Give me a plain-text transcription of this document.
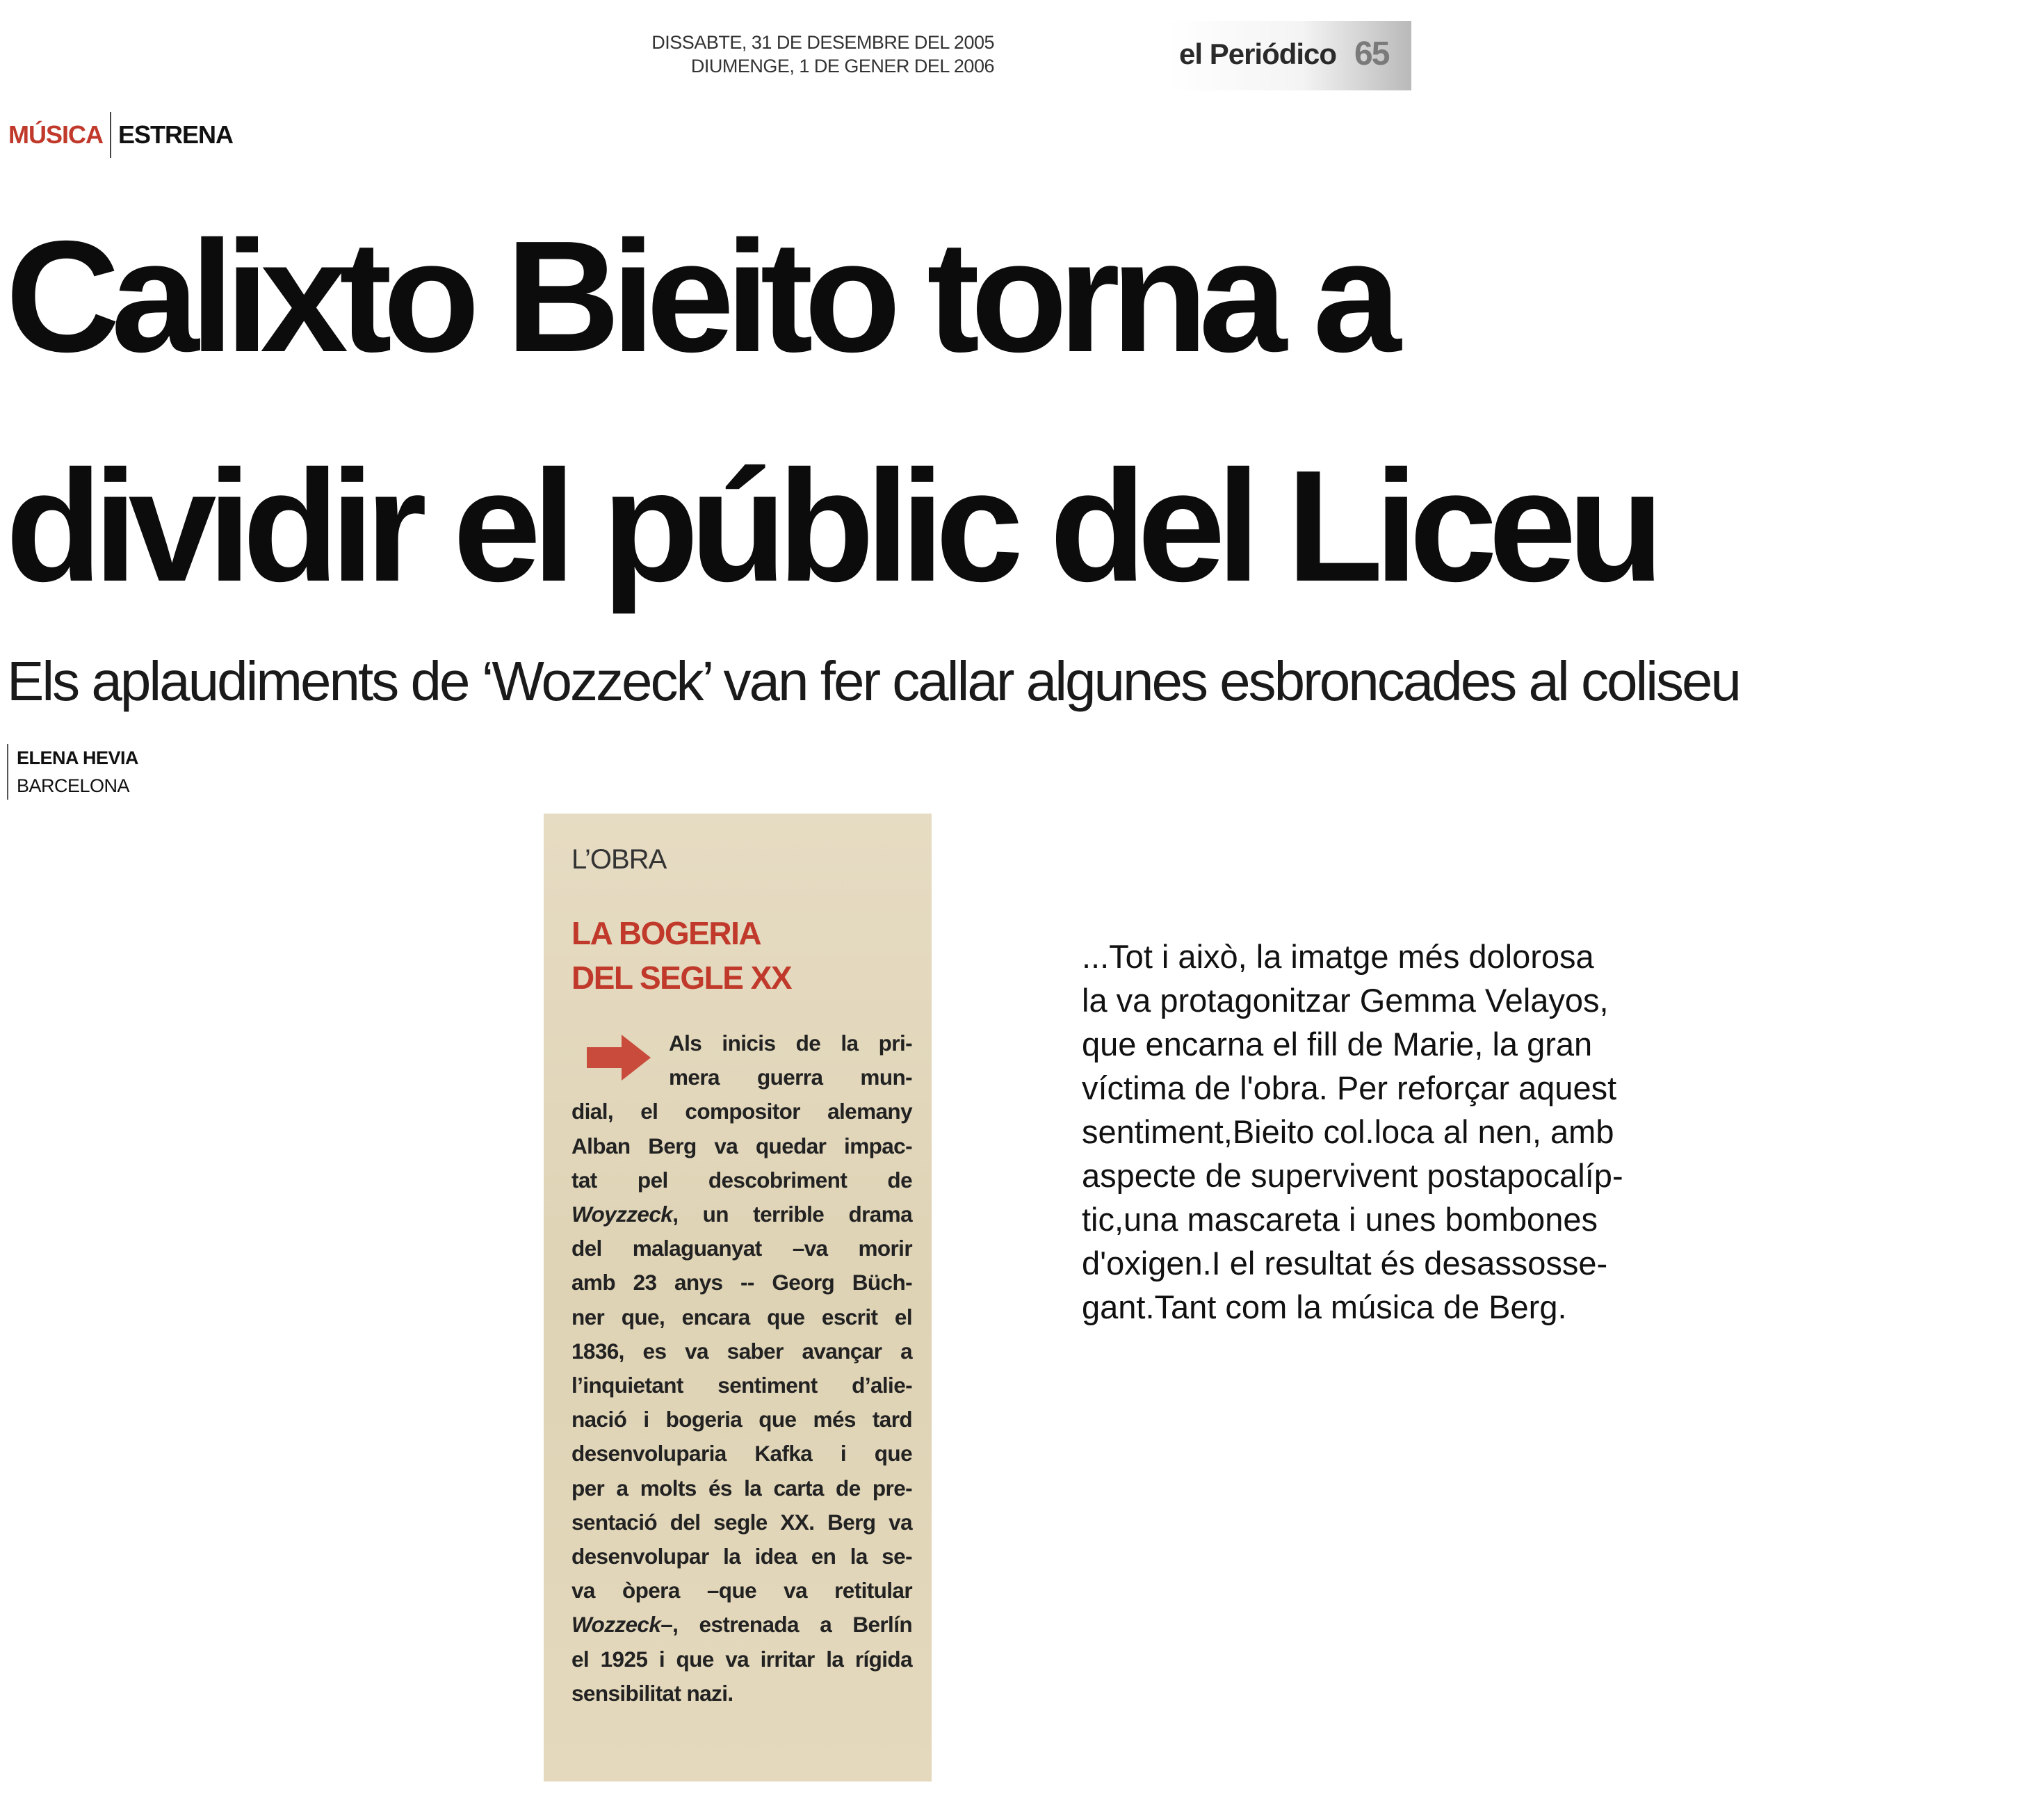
DISSABTE, 31 DE DESEMBRE DEL 2005
DIUMENGE, 1 DE GENER DEL 2006	el Periódico 65
MÚSICA ESTRENA
Calixto Bieito torna a
dividir el públic del Liceu
Els aplaudiments de ‘Wozzeck’ van fer callar algunes esbroncades al coliseu
ELENA HEVIA
BARCELONA
L’OBRA
LA BOGERIA
DEL SEGLE XX
Als inicis de la pri-
mera guerra mun-
dial, el compositor alemany
Alban Berg va quedar impac-
tat pel descobriment de
Woyzzeck, un terrible drama
del malaguanyat –va morir
amb 23 anys -- Georg Büch-
ner que, encara que escrit el
1836, es va saber avançar a
l’inquietant sentiment d’alie-
nació i bogeria que més tard
desenvoluparia Kafka i que
per a molts és la carta de pre-
sentació del segle XX. Berg va
desenvolupar la idea en la se-
va òpera –que va retitular
Wozzeck–, estrenada a Berlín
el 1925 i que va irritar la rígida
sensibilitat nazi.
...Tot i això, la imatge més dolorosa
la va protagonitzar Gemma Velayos,
que encarna el fill de Marie, la gran
víctima de l'obra. Per reforçar aquest
sentiment,Bieito col.loca al nen, amb
aspecte de supervivent postapocalíp-
tic,una mascareta i unes bombones
d'oxigen.I el resultat és desassosse-
gant.Tant com la música de Berg.
